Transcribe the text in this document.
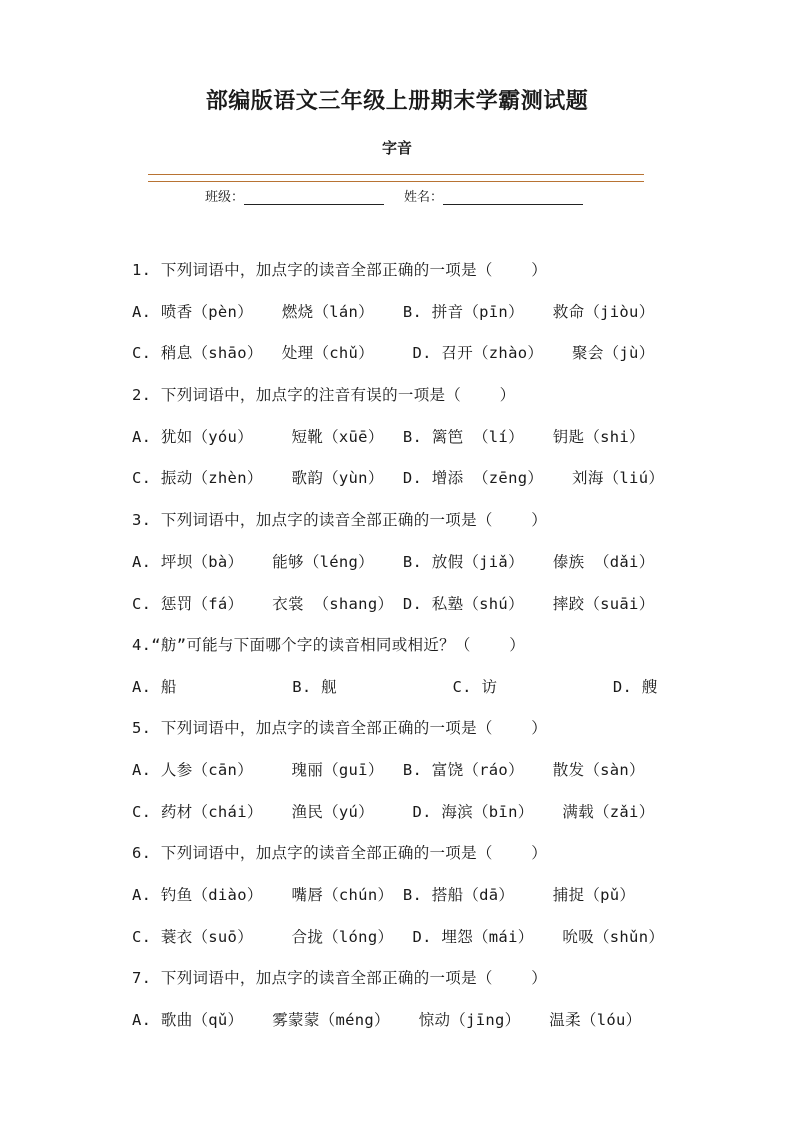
部编版语文三年级上册期末学霸测试题
字音
班级：	姓名：
1. 下列词语中，加点字的读音全部正确的一项是（    ）
A. 喷香（pèn）   燃烧（lán）   B. 拼音（pīn）   救命（jiòu）
C. 稍息（shāo）  处理（chǔ）    D. 召开（zhào）   聚会（jù）
2. 下列词语中，加点字的注音有误的一项是（    ）
A. 犹如（yóu）    短靴（xūē）  B. 篱笆 （lí）   钥匙（shi）
C. 振动（zhèn）   歌韵（yùn）  D. 增添 （zēng）   刘海（liú）
3. 下列词语中，加点字的读音全部正确的一项是（    ）
A. 坪坝（bà）   能够（léng）   B. 放假（jiǎ）   傣族 （dǎi）
C. 惩罚（fá）   衣裳 （shang） D. 私塾（shú）   摔跤（suāi）
4.“舫”可能与下面哪个字的读音相同或相近？（    ）
A. 船            B. 舰            C. 访            D. 艘
5. 下列词语中，加点字的读音全部正确的一项是（    ）
A. 人参（cān）    瑰丽（guī）  B. 富饶（ráo）   散发（sàn）
C. 药材（chái）   渔民（yú）    D. 海滨（bīn）   满载（zǎi）
6. 下列词语中，加点字的读音全部正确的一项是（    ）
A. 钓鱼（diào）   嘴唇（chún） B. 搭船（dā）    捕捉（pǔ）
C. 蓑衣（suō）    合拢（lóng）  D. 埋怨（mái）   吮吸（shǔn）
7. 下列词语中，加点字的读音全部正确的一项是（    ）
A. 歌曲（qǔ）   雾蒙蒙（méng）   惊动（jīng）   温柔（lóu）
